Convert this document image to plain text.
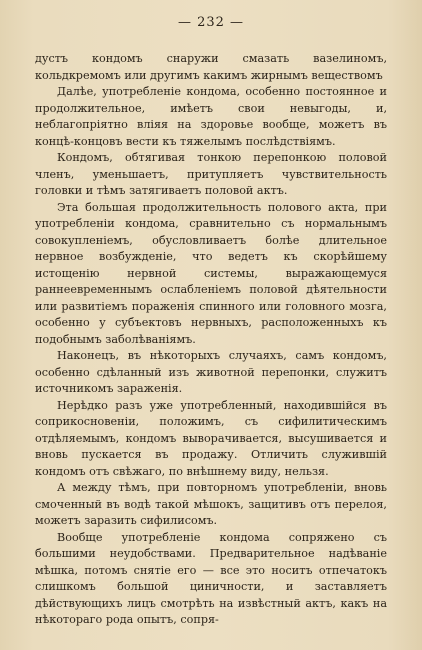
— 232 —

дустъ кондомъ снаружи смазать вазелиномъ, кольдкремомъ или другимъ какимъ жирнымъ веществомъ

Далѣе, употребленіе кондома, особенно постоянное и продолжительное, имѣетъ свои невыгоды, и, неблагопріятно вліяя на здоровье вообще, можетъ въ концѣ-концовъ вести къ тяжелымъ послѣдствіямъ.

Кондомъ, обтягивая тонкою перепонкою половой членъ, уменьшаетъ, притупляетъ чувствительность головки и тѣмъ затягиваетъ половой актъ.

Эта большая продолжительность полового акта, при употребленіи кондома, сравнительно съ нормальнымъ совокупленіемъ, обусловливаетъ болѣе длительное нервное возбужденіе, что ведетъ къ скорѣйшему истощенію нервной системы, выражающемуся раннеевременнымъ ослабленіемъ половой дѣятельности или развитіемъ пораженія спинного или головного мозга, особенно у субъектовъ нервныхъ, расположенныхъ къ подобнымъ заболѣваніямъ.

Наконецъ, въ нѣкоторыхъ случаяхъ, самъ кондомъ, особенно сдѣланный изъ животной перепонки, служитъ источникомъ зараженія.

Нерѣдко разъ уже употребленный, находившійся въ соприкосновеніи, положимъ, съ сифилитическимъ отдѣляемымъ, кондомъ выворачивается, высушивается и вновь пускается въ продажу. Отличить служившій кондомъ отъ свѣжаго, по внѣшнему виду, нельзя.

А между тѣмъ, при повторномъ употребленіи, вновь смоченный въ водѣ такой мѣшокъ, защитивъ отъ перелоя, можетъ заразить сифилисомъ.

Вообще употребленіе кондома сопряжено съ большими неудобствами. Предварительное надѣваніе мѣшка, потомъ снятіе его — все это носитъ отпечатокъ слишкомъ большой циничности, и заставляетъ дѣйствующихъ лицъ смотрѣть на извѣстный актъ, какъ на нѣкотораго рода опытъ, сопря-
